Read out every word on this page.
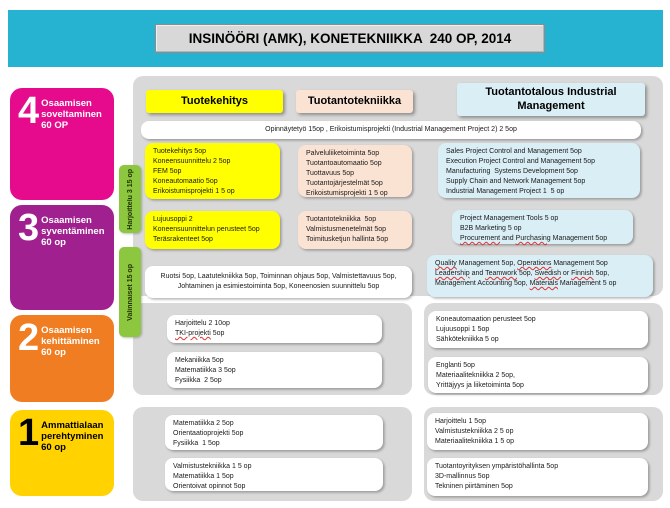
INSINÖÖRI (AMK), KONETEKNIIKKA  240 OP, 2014
4 Osaamisen soveltaminen 60 OP
3 Osaamisen syventäminen 60 op
2 Osaamisen kehittäminen 60 op
1 Ammattialaan perehtyminen 60 op
Harjoittelu 3 15 op
Valinnaiset 15 op
Tuotekehitys	Tuotantotekniikka
Tuotantotalous Industrial Management
Opinnäytetyö 15op , Erikoistumisprojekti (Industrial Management Project 2) 2 5op
Tuotekehitys 5op
Koneensuunnittelu 2 5op
FEM 5op
Koneautomaatio 5op
Erikoistumisprojekti 1 5 op
Palveluliiketoiminta 5op
Tuotantoautomaatio 5op
Tuottavuus 5op
Tuotantojärjestelmät 5op
Erikoistumisprojekti 1 5 op
Sales Project Control and Management 5op
Execution Project Control and Management 5op
Manufacturing  Systems Development 5op
Supply Chain and Network Management 5op
Industrial Management Project 1  5 op
Lujuusoppi 2
Koneensuunnittelun perusteet 5op
Teräsrakenteet 5op
Tuotantotekniikka  5op
Valmistusmenetelmät 5op
Toimitusketjun hallinta 5op
Project Management Tools 5 op
B2B Marketing 5 op
Procurement and Purchasing Management 5op
Ruotsi 5op, Laatutekniikka 5op, Toiminnan ohjaus 5op, Valmistettavuus 5op, Johtaminen ja esimiestoiminta 5op, Koneenosien suunnittelu 5op
Quality Management 5op, Operations Management 5op
Leadership and Teamwork 5op, Swedish or Finnish 5op,
Management Accounting 5op, Materials Management 5 op
Harjoittelu 2 10op
TKI-projekti 5op
Mekaniikka 5op
Matematiikka 3 5op
Fysiikka  2 5op
Koneautomaation perusteet 5op
Lujuusoppi 1 5op
Sähkötekniikka 5 op
Englanti 5op
Materiaalitekniikka 2 5op,
Yrittäjyys ja liiketoiminta 5op
Matematiikka 2 5op
Orientaatioprojekti 5op
Fysiikka  1 5op
Valmistustekniikka 1 5 op
Matematiikka 1 5op
Orientoivat opinnot 5op
Harjoittelu 1 5op
Valmistustekniikka 2 5 op
Materiaalitekniikka 1 5 op
Tuotantoyrityksen ympäristöhallinta 5op
3D-mallinnus 5op
Tekninen piirtäminen 5op
